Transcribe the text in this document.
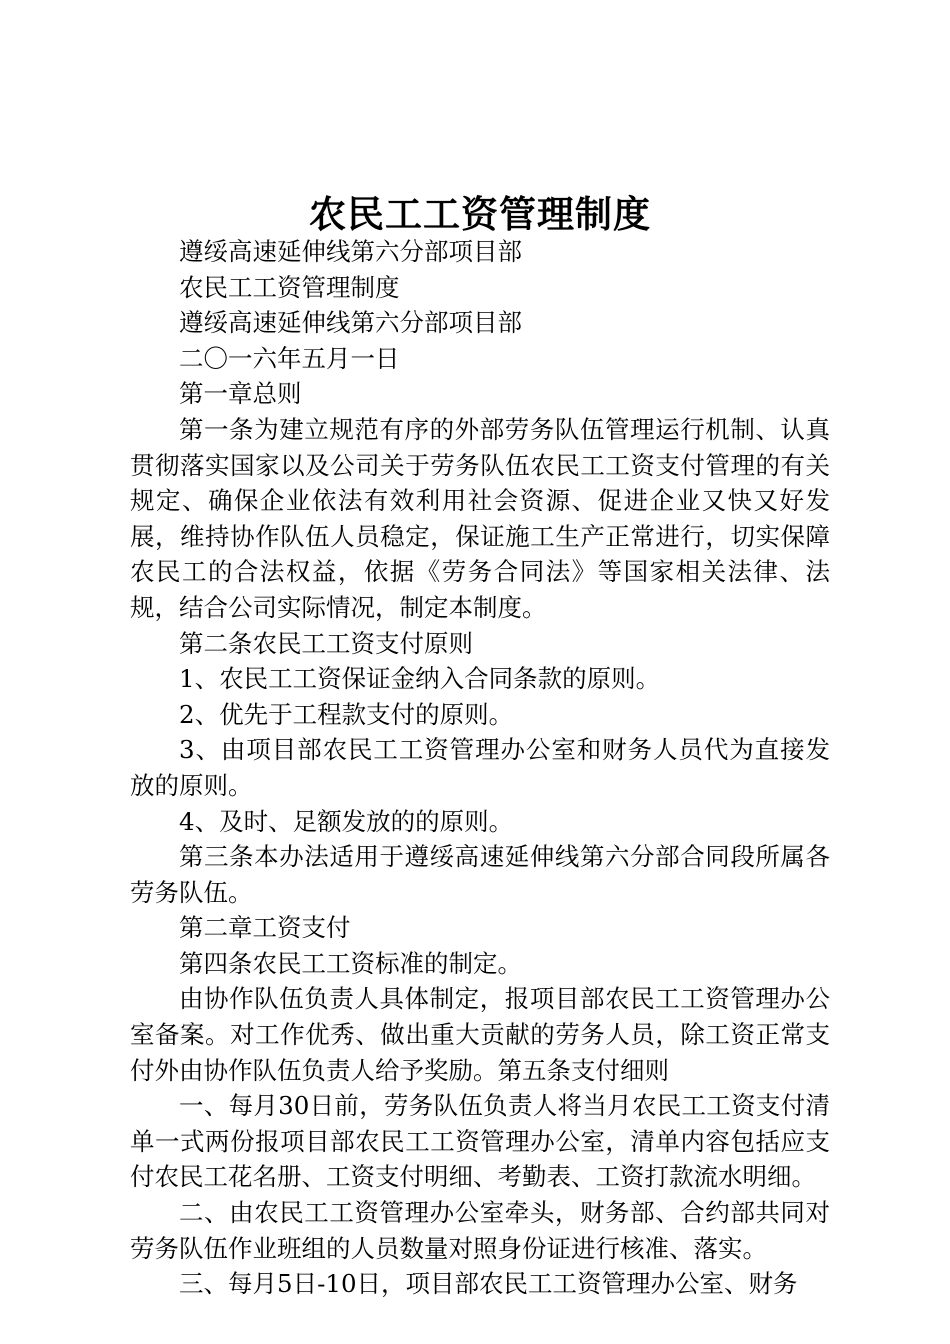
农民工工资管理制度

遵绥高速延伸线第六分部项目部

农民工工资管理制度

遵绥高速延伸线第六分部项目部

二〇一六年五月一日

第一章总则

第一条为建立规范有序的外部劳务队伍管理运行机制、认真贯彻落实国家以及公司关于劳务队伍农民工工资支付管理的有关规定、确保企业依法有效利用社会资源、促进企业又快又好发展，维持协作队伍人员稳定，保证施工生产正常进行，切实保障农民工的合法权益，依据《劳务合同法》等国家相关法律、法规，结合公司实际情况，制定本制度。

第二条农民工工资支付原则

1、农民工工资保证金纳入合同条款的原则。

2、优先于工程款支付的原则。

3、由项目部农民工工资管理办公室和财务人员代为直接发放的原则。

4、及时、足额发放的的原则。

第三条本办法适用于遵绥高速延伸线第六分部合同段所属各劳务队伍。

第二章工资支付

第四条农民工工资标准的制定。

由协作队伍负责人具体制定，报项目部农民工工资管理办公室备案。对工作优秀、做出重大贡献的劳务人员，除工资正常支付外由协作队伍负责人给予奖励。第五条支付细则

一、每月30日前，劳务队伍负责人将当月农民工工资支付清单一式两份报项目部农民工工资管理办公室，清单内容包括应支付农民工花名册、工资支付明细、考勤表、工资打款流水明细。

二、由农民工工资管理办公室牵头，财务部、合约部共同对劳务队伍作业班组的人员数量对照身份证进行核准、落实。

三、每月5日-10日，项目部农民工工资管理办公室、财务
